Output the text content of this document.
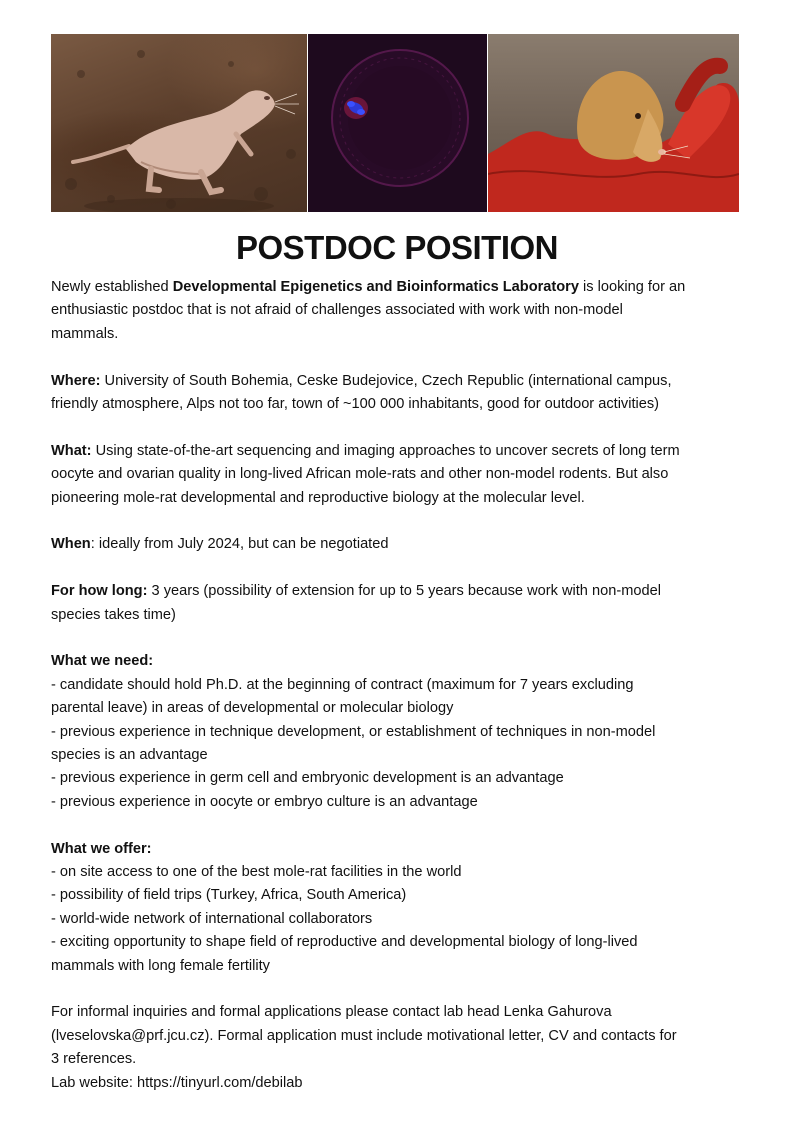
POSTDOC POSITION

Newly established Developmental Epigenetics and Bioinformatics Laboratory is looking for an
enthusiastic postdoc that is not afraid of challenges associated with work with non-model
mammals.

Where: University of South Bohemia, Ceske Budejovice, Czech Republic (international campus,
friendly atmosphere, Alps not too far, town of ~100 000 inhabitants, good for outdoor activities)

What: Using state-of-the-art sequencing and imaging approaches to uncover secrets of long term
oocyte and ovarian quality in long-lived African mole-rats and other non-model rodents. But also
pioneering mole-rat developmental and reproductive biology at the molecular level.

When: ideally from July 2024, but can be negotiated

For how long: 3 years (possibility of extension for up to 5 years because work with non-model
species takes time)

What we need:
- candidate should hold Ph.D. at the beginning of contract (maximum for 7 years excluding
parental leave) in areas of developmental or molecular biology
- previous experience in technique development, or establishment of techniques in non-model
species is an advantage
- previous experience in germ cell and embryonic development is an advantage
- previous experience in oocyte or embryo culture is an advantage

What we offer:
- on site access to one of the best mole-rat facilities in the world
- possibility of field trips (Turkey, Africa, South America)
- world-wide network of international collaborators
- exciting opportunity to shape field of reproductive and developmental biology of long-lived
mammals with long female fertility

For informal inquiries and formal applications please contact lab head Lenka Gahurova
(lveselovska@prf.jcu.cz). Formal application must include motivational letter, CV and contacts for
3 references.
Lab website: https://tinyurl.com/debilab
